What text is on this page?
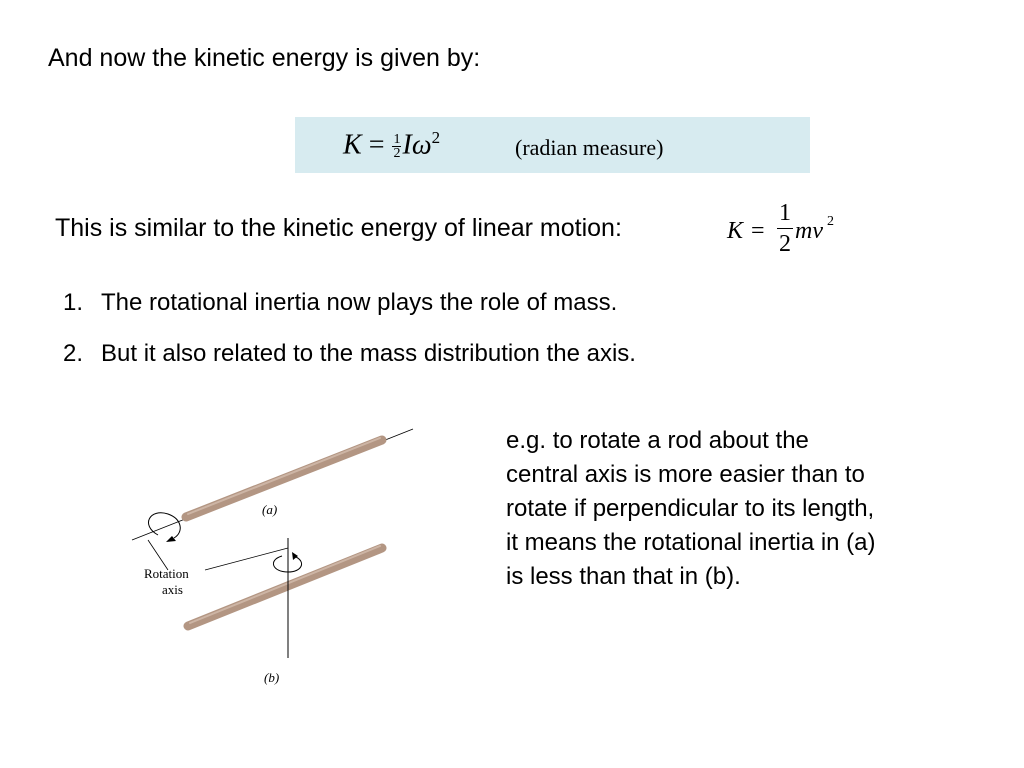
And now the kinetic energy is given by:
$K = \frac{1}{2} I\omega^2$	(radian measure)
This is similar to the kinetic energy of linear motion:	K =
1
2 mv 2
1. The rotational inertia now plays the role of mass.
2. But it also related to the mass distribution the axis.
e.g. to rotate a rod about the
central axis is more easier than to
rotate if perpendicular to its length,
it means the rotational inertia in (a)
is less than that in (b).
(a)
(b)
Rotation
axis
